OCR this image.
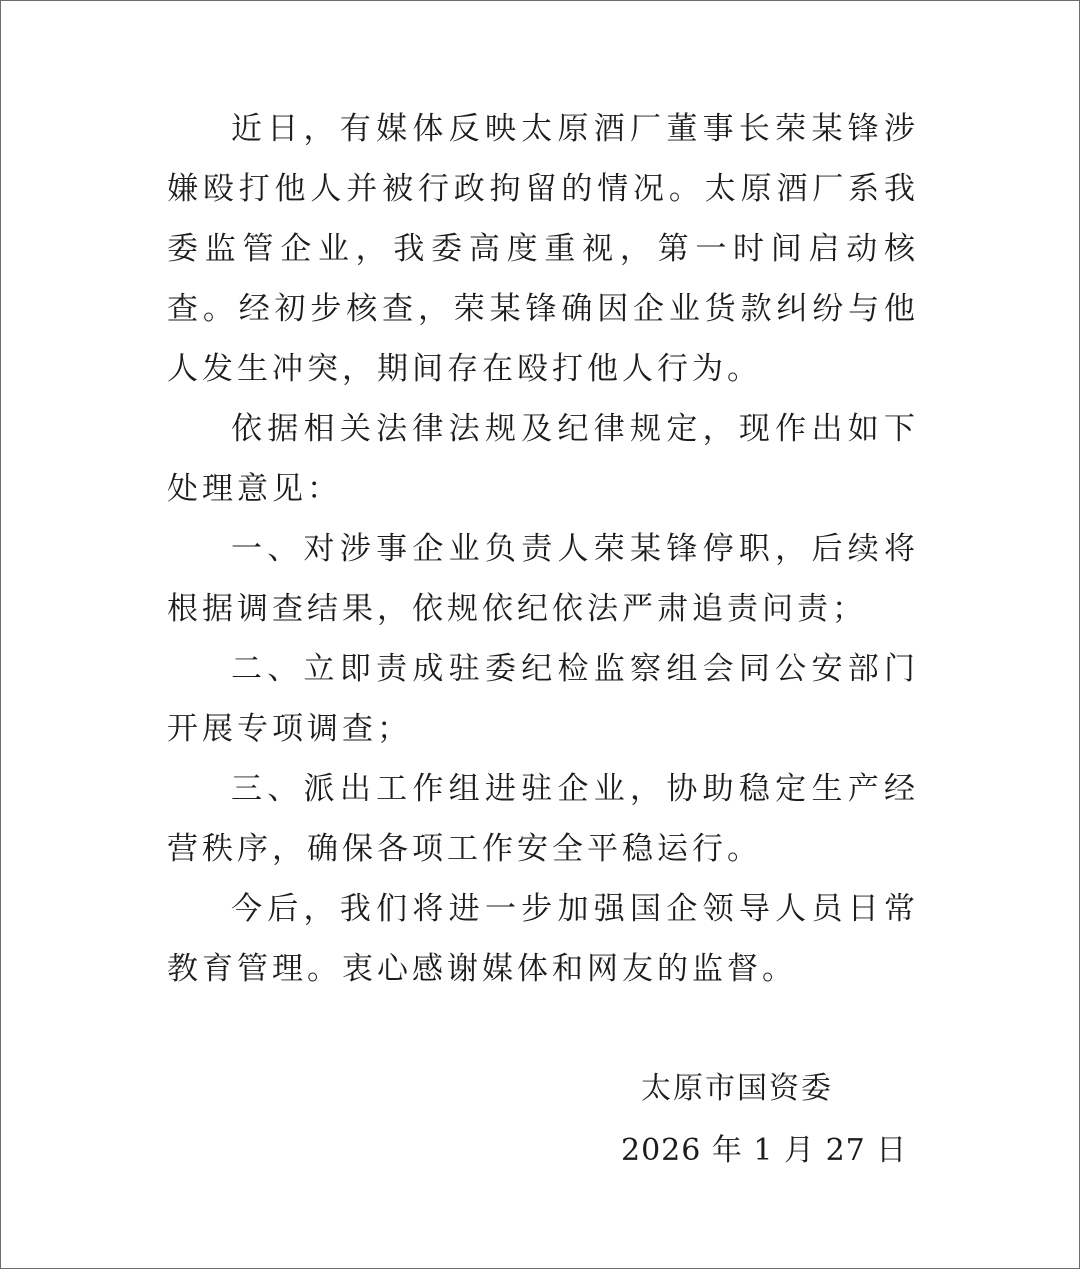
近日，有媒体反映太原酒厂董事长荣某锋涉嫌殴打他人并被行政拘留的情况。太原酒厂系我委监管企业，我委高度重视，第一时间启动核查。经初步核查，荣某锋确因企业货款纠纷与他人发生冲突，期间存在殴打他人行为。

依据相关法律法规及纪律规定，现作出如下处理意见：

一、对涉事企业负责人荣某锋停职，后续将根据调查结果，依规依纪依法严肃追责问责；

二、立即责成驻委纪检监察组会同公安部门开展专项调查；

三、派出工作组进驻企业，协助稳定生产经营秩序，确保各项工作安全平稳运行。

今后，我们将进一步加强国企领导人员日常教育管理。衷心感谢媒体和网友的监督。

太原市国资委
2026 年 1 月 27 日
